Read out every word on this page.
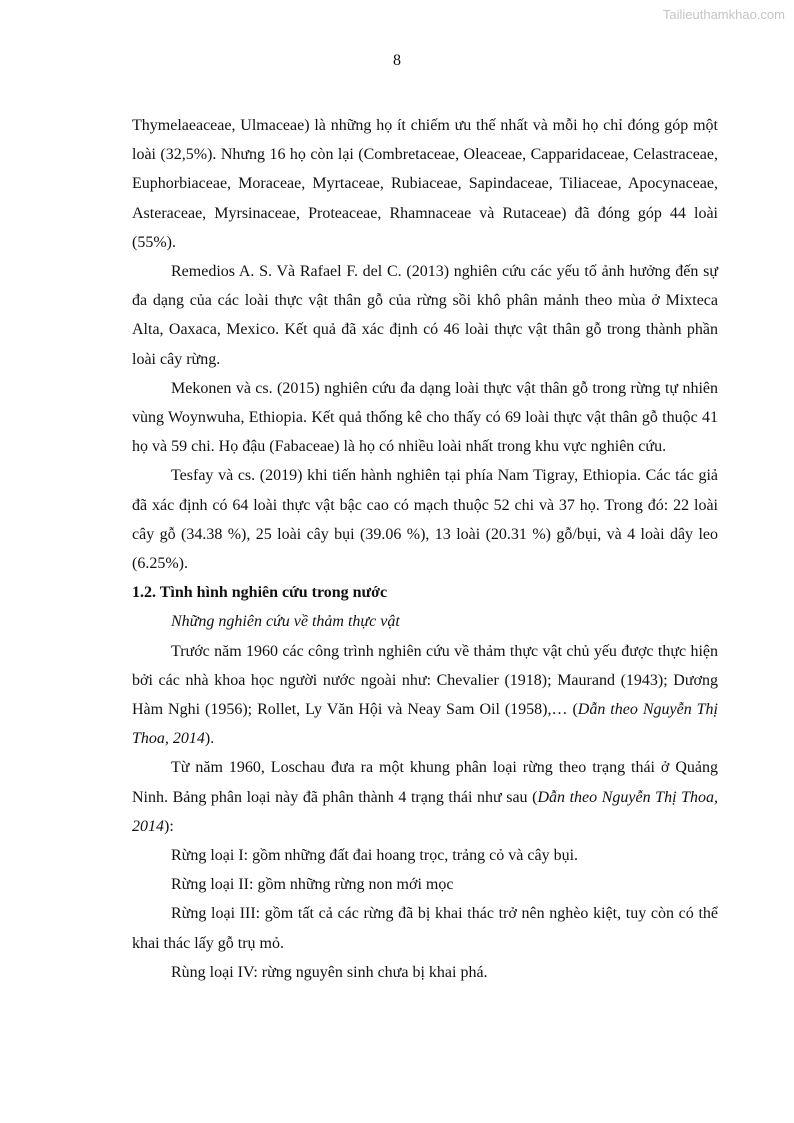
Tailieuthamkhao.com
8

Thymelaeaceae, Ulmaceae) là những họ ít chiếm ưu thế nhất và mỗi họ chỉ đóng góp một loài (32,5%). Nhưng 16 họ còn lại (Combretaceae, Oleaceae, Capparidaceae, Celastraceae, Euphorbiaceae, Moraceae, Myrtaceae, Rubiaceae, Sapindaceae, Tiliaceae, Apocynaceae, Asteraceae, Myrsinaceae, Proteaceae, Rhamnaceae và Rutaceae) đã đóng góp 44 loài (55%).

Remedios A. S. Và Rafael F. del C. (2013) nghiên cứu các yếu tố ảnh hưởng đến sự đa dạng của các loài thực vật thân gỗ của rừng sồi khô phân mảnh theo mùa ở Mixteca Alta, Oaxaca, Mexico. Kết quả đã xác định có 46 loài thực vật thân gỗ trong thành phần loài cây rừng.

Mekonen và cs. (2015) nghiên cứu đa dạng loài thực vật thân gỗ trong rừng tự nhiên vùng Woynwuha, Ethiopia. Kết quả thống kê cho thấy có 69 loài thực vật thân gỗ thuộc 41 họ và 59 chi. Họ đậu (Fabaceae) là họ có nhiều loài nhất trong khu vực nghiên cứu.

Tesfay và cs. (2019) khi tiến hành nghiên tại phía Nam Tigray, Ethiopia. Các tác giả đã xác định có 64 loài thực vật bậc cao có mạch thuộc 52 chi và 37 họ. Trong đó: 22 loài cây gỗ (34.38 %), 25 loài cây bụi (39.06 %), 13 loài (20.31 %) gỗ/bụi, và 4 loài dây leo (6.25%).

1.2. Tình hình nghiên cứu trong nước

Những nghiên cứu về thảm thực vật

Trước năm 1960 các công trình nghiên cứu về thảm thực vật chủ yếu được thực hiện bởi các nhà khoa học người nước ngoài như: Chevalier (1918); Maurand (1943); Dương Hàm Nghi (1956); Rollet, Ly Văn Hội và Neay Sam Oil (1958),… (Dẫn theo Nguyễn Thị Thoa, 2014).

Từ năm 1960, Loschau đưa ra một khung phân loại rừng theo trạng thái ở Quảng Ninh. Bảng phân loại này đã phân thành 4 trạng thái như sau (Dẫn theo Nguyễn Thị Thoa, 2014):

Rừng loại I: gồm những đất đai hoang trọc, trảng cỏ và cây bụi.

Rừng loại II: gồm những rừng non mới mọc

Rừng loại III: gồm tất cả các rừng đã bị khai thác trở nên nghèo kiệt, tuy còn có thể khai thác lấy gỗ trụ mỏ.

Rùng loại IV: rừng nguyên sinh chưa bị khai phá.
